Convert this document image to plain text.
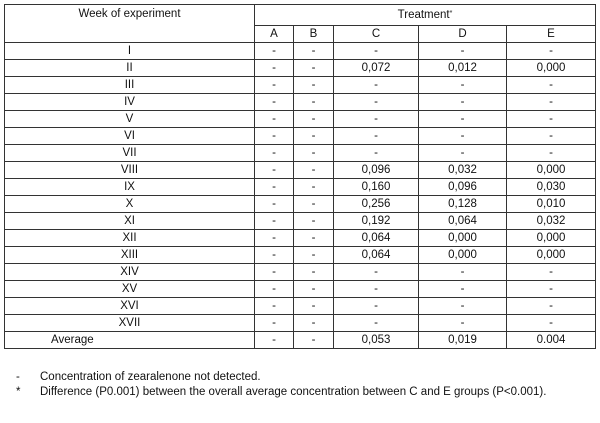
Week of experiment	Treatment*
	A	B	C	D	E
I	-	-	-	-	-
II	-	-	0,072	0,012	0,000
III	-	-	-	-	-
IV	-	-	-	-	-
V	-	-	-	-	-
VI	-	-	-	-	-
VII	-	-	-	-	-
VIII	-	-	0,096	0,032	0,000
IX	-	-	0,160	0,096	0,030
X	-	-	0,256	0,128	0,010
XI	-	-	0,192	0,064	0,032
XII	-	-	0,064	0,000	0,000
XIII	-	-	0,064	0,000	0,000
XIV	-	-	-	-	-
XV	-	-	-	-	-
XVI	-	-	-	-	-
XVII	-	-	-	-	-
Average	-	-	0,053	0,019	0.004
-	Concentration of zearalenone not detected.
*	Difference (P0.001) between the overall average concentration between C and E groups (P<0.001).
